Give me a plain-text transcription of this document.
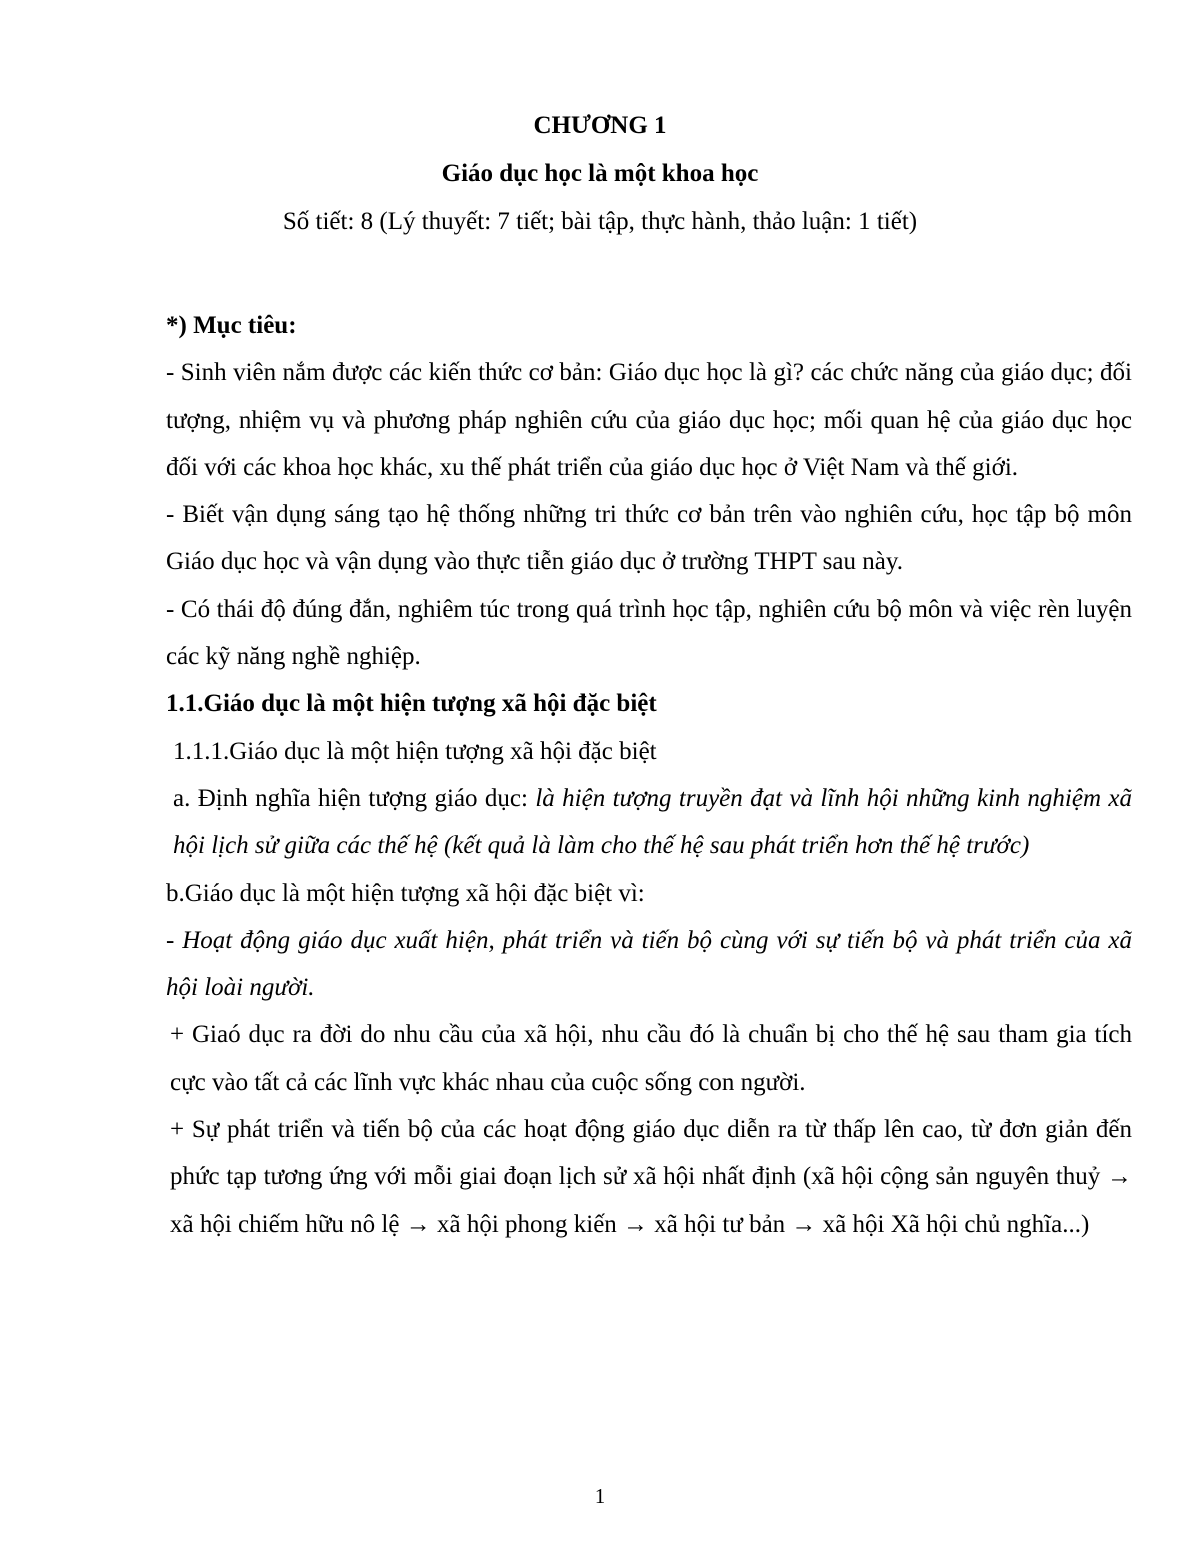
CHƯƠNG 1
Giáo dục học là một khoa học
Số tiết: 8 (Lý thuyết: 7 tiết; bài tập, thực hành, thảo luận: 1 tiết)

*) Mục tiêu:

- Sinh viên nắm được các kiến thức cơ bản: Giáo dục học là gì? các chức năng của giáo dục; đối tượng, nhiệm vụ và phương pháp nghiên cứu của giáo dục học; mối quan hệ của giáo dục học đối với các khoa học khác, xu thế phát triển của giáo dục học ở Việt Nam và thế giới.

- Biết vận dụng sáng tạo hệ thống những tri thức cơ bản trên vào nghiên cứu, học tập bộ môn Giáo dục học và vận dụng vào thực tiễn giáo dục ở trường THPT sau này.

- Có thái độ đúng đắn, nghiêm túc trong quá trình học tập, nghiên cứu bộ môn và việc rèn luyện các kỹ năng nghề nghiệp.

1.1.Giáo dục là một hiện tượng xã hội đặc biệt

1.1.1.Giáo dục là một hiện tượng xã hội đặc biệt

a. Định nghĩa hiện tượng giáo dục: là hiện tượng truyền đạt và lĩnh hội những kinh nghiệm xã hội lịch sử giữa các thế hệ (kết quả là làm cho thế hệ sau phát triển hơn thế hệ trước)

b.Giáo dục là một hiện tượng xã hội đặc biệt vì:

- Hoạt động giáo dục xuất hiện, phát triển và tiến bộ cùng với sự tiến bộ và phát triển của xã hội loài người.

+ Giaó dục ra đời do nhu cầu của xã hội, nhu cầu đó là chuẩn bị cho thế hệ sau tham gia tích cực vào tất cả các lĩnh vực khác nhau của cuộc sống con người.

+ Sự phát triển và tiến bộ của các hoạt động giáo dục diễn ra từ thấp lên cao, từ đơn giản đến phức tạp tương ứng với mỗi giai đoạn lịch sử xã hội nhất định (xã hội cộng sản nguyên thuỷ → xã hội chiếm hữu nô lệ → xã hội phong kiến → xã hội tư bản → xã hội Xã hội chủ nghĩa...)

1
